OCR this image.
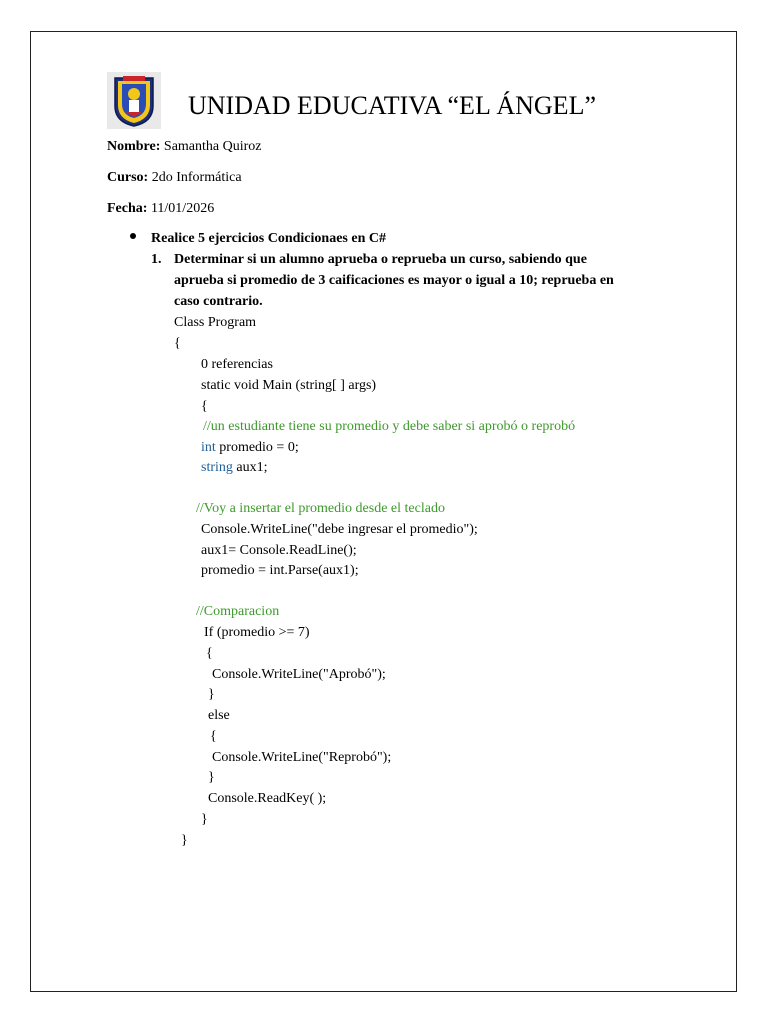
UNIDAD EDUCATIVA “EL ÁNGEL”
Nombre: Samantha Quiroz
Curso: 2do Informática
Fecha: 11/01/2026
Realice 5 ejercicios Condicionaes en C#
1. Determinar si un alumno aprueba o reprueba un curso, sabiendo que
aprueba si promedio de 3 caificaciones es mayor o igual a 10; reprueba en
caso contrario.
Class Program
{
0 referencias
static void Main (string[ ] args)
{
//un estudiante tiene su promedio y debe saber si aprobó o reprobó
int promedio = 0;
string aux1;
//Voy a insertar el promedio desde el teclado
Console.WriteLine("debe ingresar el promedio");
aux1= Console.ReadLine();
promedio = int.Parse(aux1);
//Comparacion
If (promedio >= 7)
{
Console.WriteLine("Aprobó");
}
else
{
Console.WriteLine("Reprobó");
}
Console.ReadKey( );
}
}
